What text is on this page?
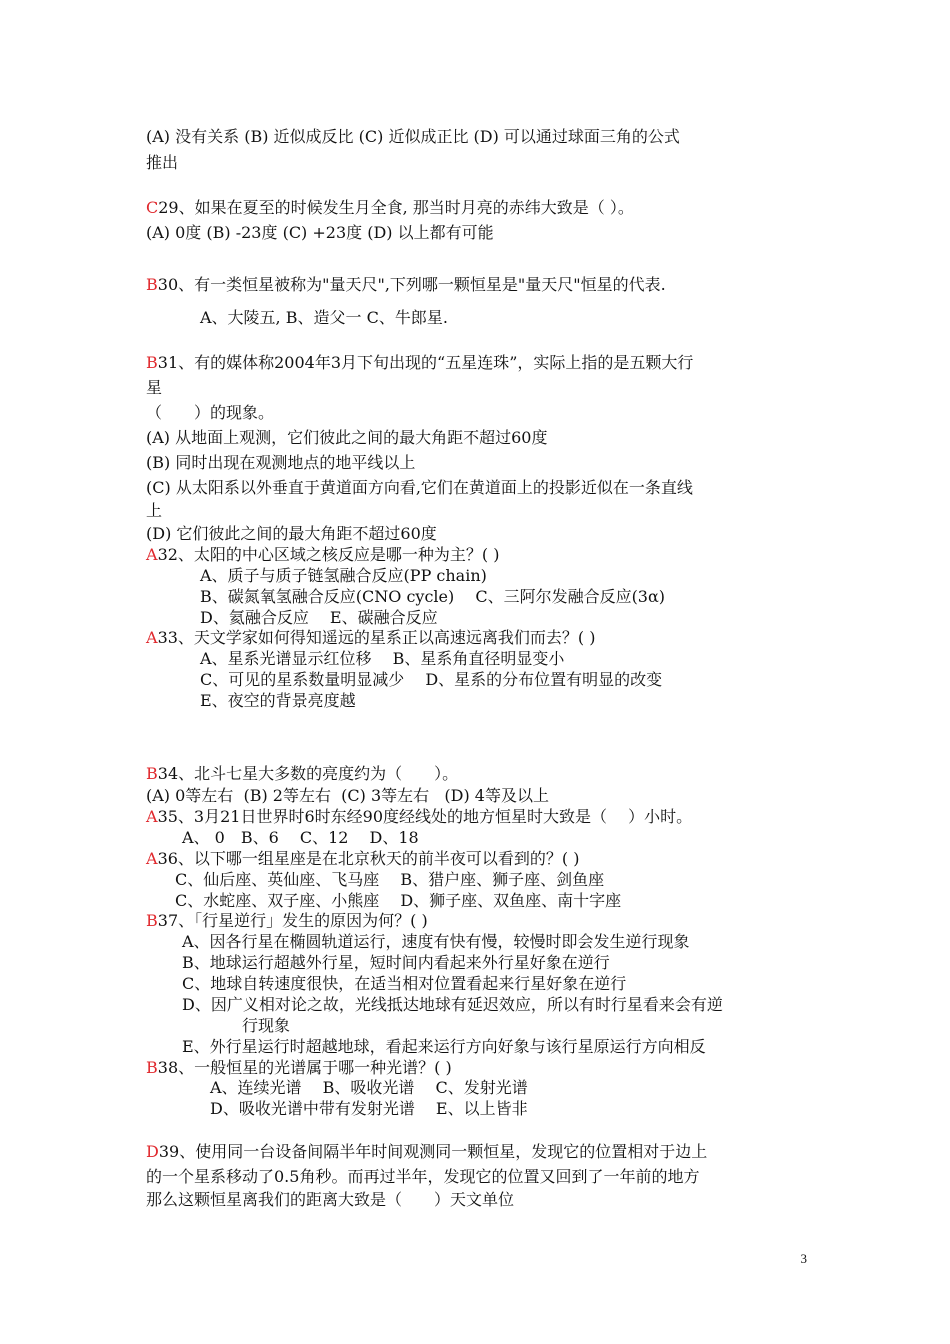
(A) 没有关系 (B) 近似成反比 (C) 近似成正比 (D) 可以通过球面三角的公式

推出

C29、如果在夏至的时候发生月全食, 那当时月亮的赤纬大致是（ ）。

(A) 0度 (B) -23度 (C) +23度 (D) 以上都有可能

B30、有一类恒星被称为"量天尺",下列哪一颗恒星是"量天尺"恒星的代表.

A、大陵五, B、造父一 C、牛郎星.

B31、有的媒体称2004年3月下旬出现的“五星连珠”，实际上指的是五颗大行

星

（　　）的现象。

(A) 从地面上观测，它们彼此之间的最大角距不超过60度

(B) 同时出现在观测地点的地平线以上

(C) 从太阳系以外垂直于黄道面方向看,它们在黄道面上的投影近似在一条直线

上

(D) 它们彼此之间的最大角距不超过60度

A32、太阳的中心区域之核反应是哪一种为主？( )

A、质子与质子链氢融合反应(PP chain)

B、碳氮氧氢融合反应(CNO cycle)　 C、三阿尔发融合反应(3α)

D、氦融合反应　 E、碳融合反应

A33、天文学家如何得知遥远的星系正以高速远离我们而去？( )

A、星系光谱显示红位移　 B、星系角直径明显变小

C、可见的星系数量明显减少　 D、星系的分布位置有明显的改变

E、夜空的背景亮度越

B34、北斗七星大多数的亮度约为（　　）。

(A) 0等左右  (B) 2等左右  (C) 3等左右   (D) 4等及以上

A35、3月21日世界时6时东经90度经线处的地方恒星时大致是（　 ）小时。

A、 0　B、6　 C、12　 D、18

A36、以下哪一组星座是在北京秋天的前半夜可以看到的？( )

C、仙后座、英仙座、飞马座　 B、猎户座、狮子座、剑鱼座

C、水蛇座、双子座、小熊座　 D、狮子座、双鱼座、南十字座

B37、「行星逆行」发生的原因为何？( )

A、因各行星在椭圆轨道运行，速度有快有慢，较慢时即会发生逆行现象

B、地球运行超越外行星，短时间内看起来外行星好象在逆行

C、地球自转速度很快，在适当相对位置看起来行星好象在逆行

D、因广义相对论之故，光线抵达地球有延迟效应，所以有时行星看来会有逆

行现象

E、外行星运行时超越地球，看起来运行方向好象与该行星原运行方向相反

B38、一般恒星的光谱属于哪一种光谱？( )

A、连续光谱　 B、吸收光谱　 C、发射光谱

D、吸收光谱中带有发射光谱　 E、以上皆非

D39、使用同一台设备间隔半年时间观测同一颗恒星，发现它的位置相对于边上

的一个星系移动了0.5角秒。而再过半年，发现它的位置又回到了一年前的地方

那么这颗恒星离我们的距离大致是（　　）天文单位

3
